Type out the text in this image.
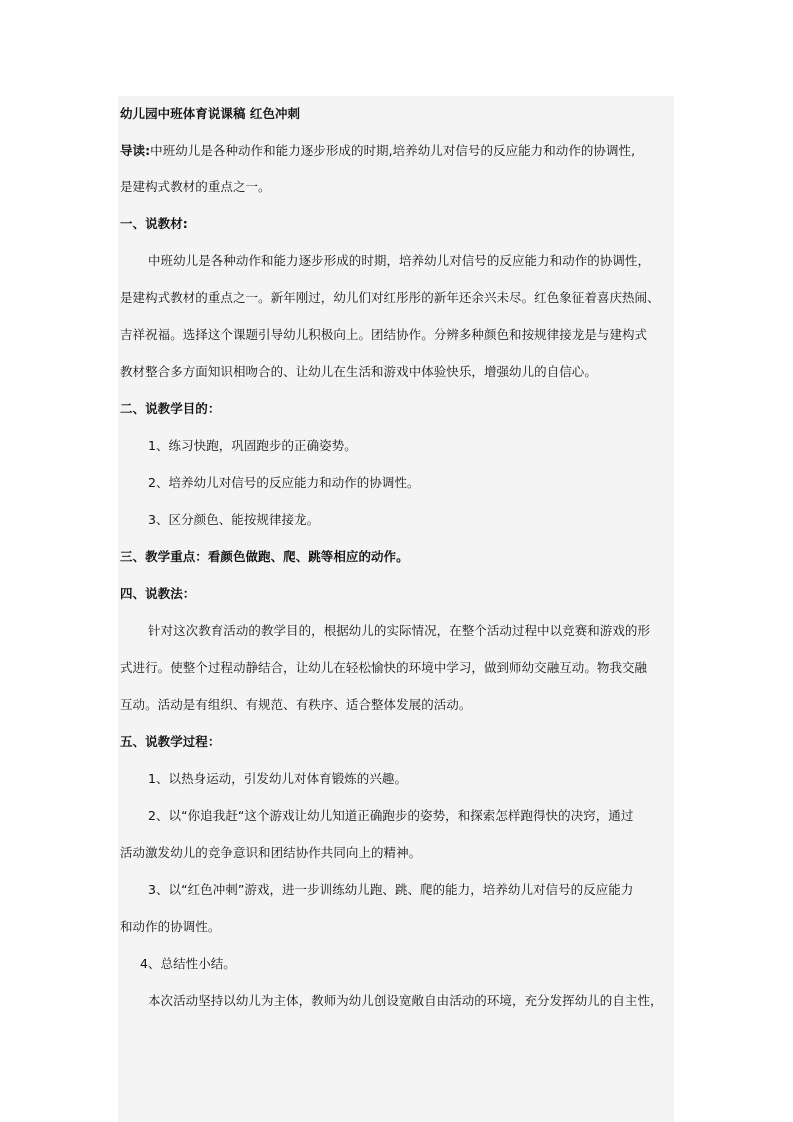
幼儿园中班体育说课稿 红色冲刺
导读:中班幼儿是各种动作和能力逐步形成的时期,培养幼儿对信号的反应能力和动作的协调性,
是建构式教材的重点之一。
一、说教材:
中班幼儿是各种动作和能力逐步形成的时期，培养幼儿对信号的反应能力和动作的协调性，
是建构式教材的重点之一。新年刚过，幼儿们对红彤彤的新年还余兴未尽。红色象征着喜庆热闹、
吉祥祝福。选择这个课题引导幼儿积极向上。团结协作。分辨多种颜色和按规律接龙是与建构式
教材整合多方面知识相吻合的、让幼儿在生活和游戏中体验快乐，增强幼儿的自信心。
二、说教学目的：
1、练习快跑，巩固跑步的正确姿势。
2、培养幼儿对信号的反应能力和动作的协调性。
3、区分颜色、能按规律接龙。
三、教学重点：看颜色做跑、爬、跳等相应的动作。
四、说教法：
针对这次教育活动的教学目的，根据幼儿的实际情况，在整个活动过程中以竞赛和游戏的形
式进行。使整个过程动静结合，让幼儿在轻松愉快的环境中学习，做到师幼交融互动。物我交融
互动。活动是有组织、有规范、有秩序、适合整体发展的活动。
五、说教学过程：
1、以热身运动，引发幼儿对体育锻炼的兴趣。
2、以“你追我赶“这个游戏让幼儿知道正确跑步的姿势，和探索怎样跑得快的决窍，通过
活动激发幼儿的竞争意识和团结协作共同向上的精神。
3、以“红色冲刺”游戏，进一步训练幼儿跑、跳、爬的能力，培养幼儿对信号的反应能力
和动作的协调性。
4、总结性小结。
本次活动坚持以幼儿为主体，教师为幼儿创设宽敞自由活动的环境，充分发挥幼儿的自主性，
